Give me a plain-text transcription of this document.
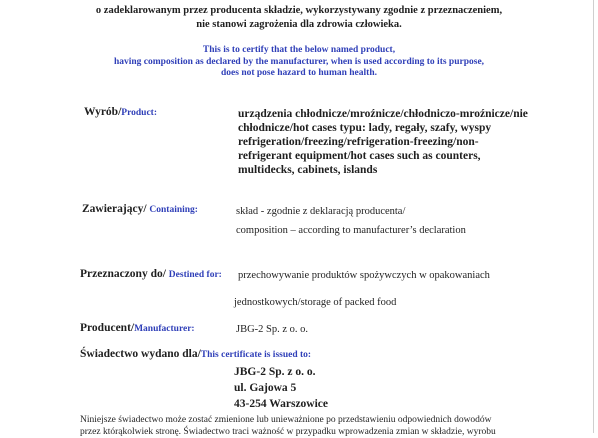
o zadeklarowanym przez producenta składzie, wykorzystywany zgodnie z przeznaczeniem,
nie stanowi zagrożenia dla zdrowia człowieka.
This is to certify that the below named product,
having composition as declared by the manufacturer, when is used according to its purpose,
does not pose hazard to human health.
Wyrób/Product:	urządzenia chłodnicze/mroźnicze/chłodniczo-mroźnicze/nie
chłodnicze/hot cases typu: lady, regały, szafy, wyspy
refrigeration/freezing/refrigeration-freezing/non-
refrigerant equipment/hot cases such as counters,
multidecks, cabinets, islands
Zawierający/ Containing:	skład - zgodnie z deklaracją producenta/
composition – according to manufacturer’s declaration
Przeznaczony do/ Destined for: przechowywanie produktów spożywczych w opakowaniach
jednostkowych/storage of packed food
Producent/Manufacturer:	JBG-2 Sp. z o. o.
Świadectwo wydano dla/This certificate is issued to:
JBG-2 Sp. z o. o.
ul. Gajowa 5
43-254 Warszowice
Niniejsze świadectwo może zostać zmienione lub unieważnione po przedstawieniu odpowiednich dowodów
przez którąkolwiek stronę. Świadectwo traci ważność w przypadku wprowadzenia zmian w składzie, wyrobu
